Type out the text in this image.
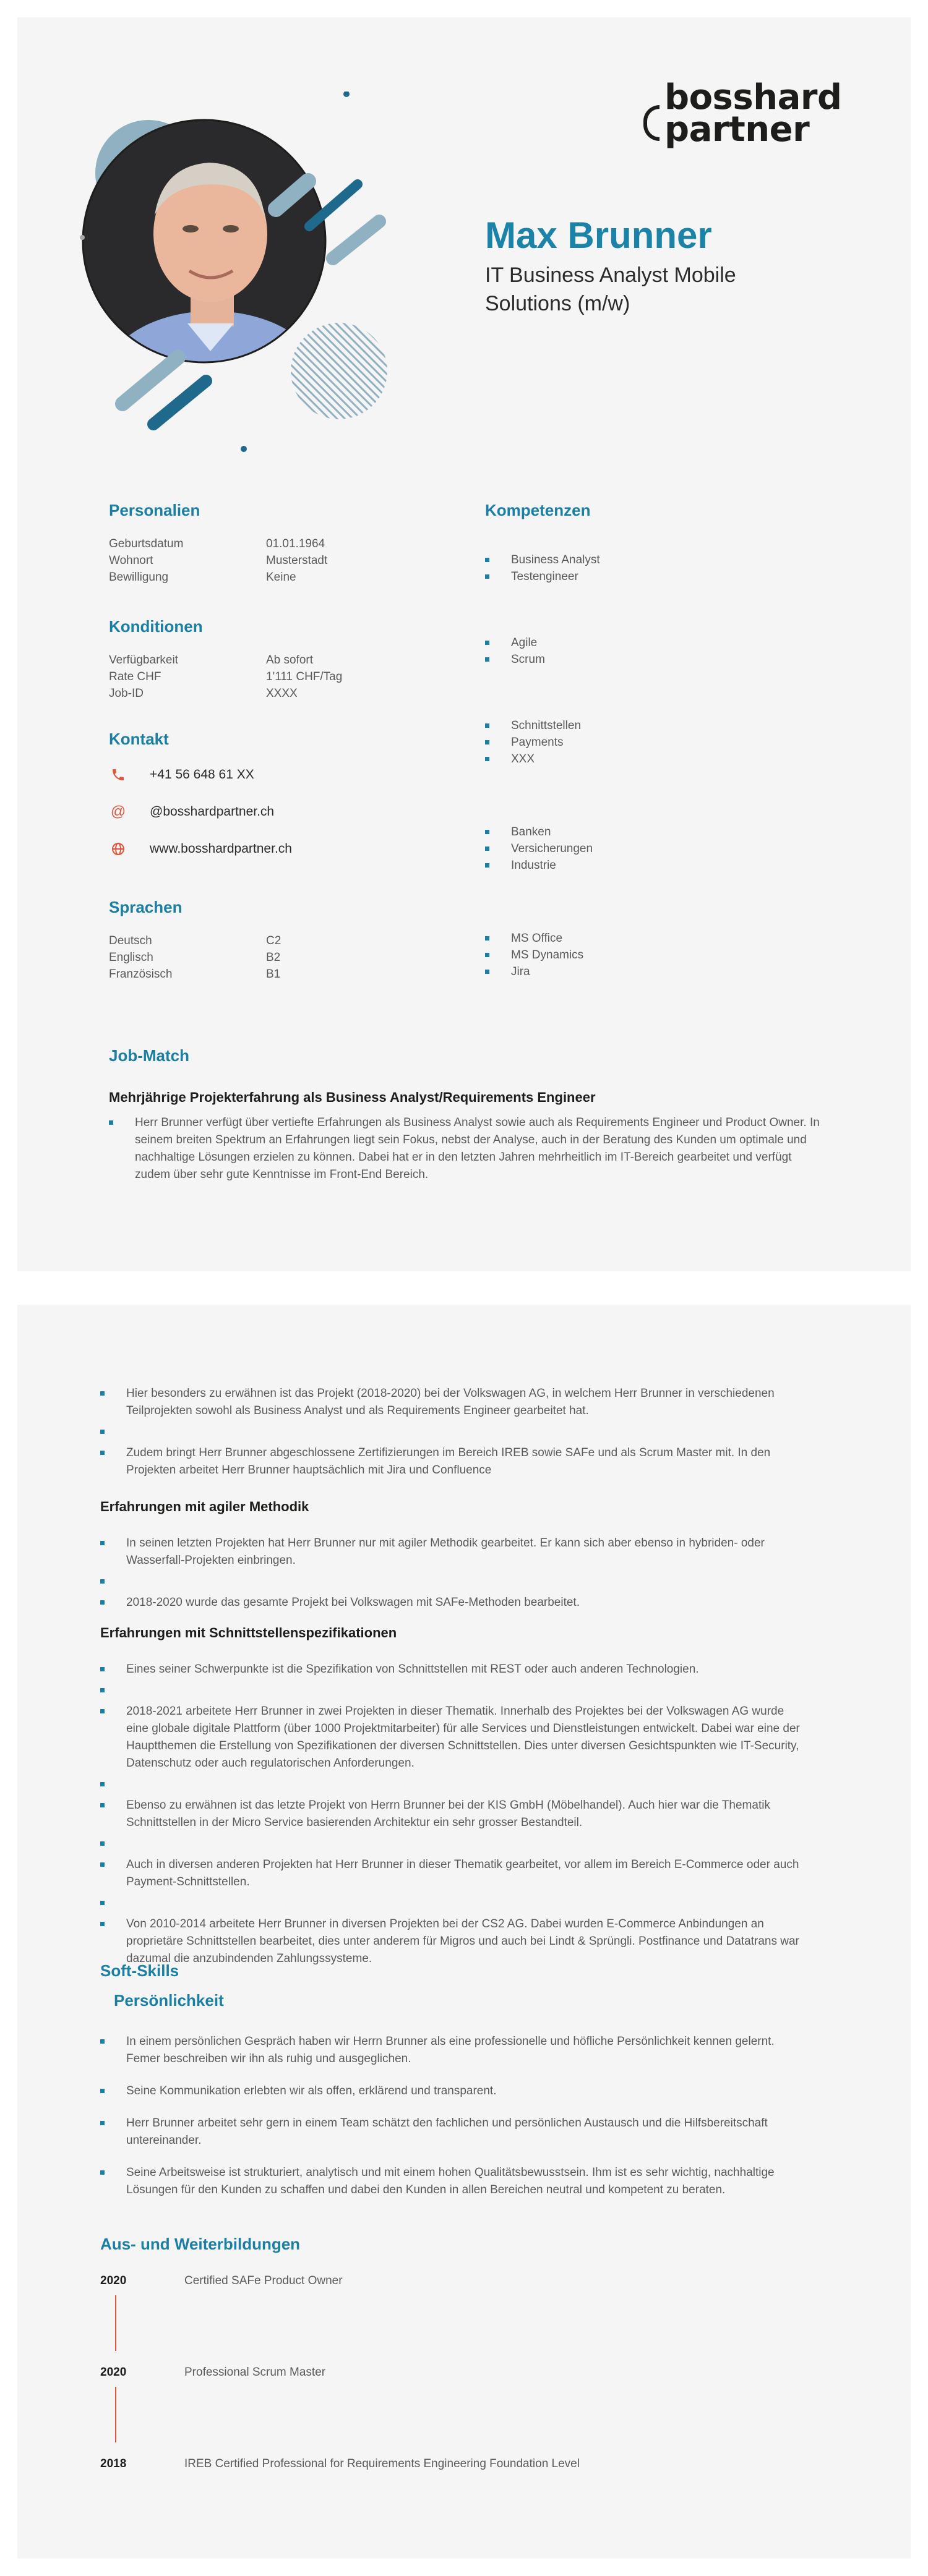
bosshard
partner
Max Brunner
IT Business Analyst Mobile Solutions (m/w)
Personalien
Geburtsdatum	01.01.1964
Wohnort	Musterstadt
Bewilligung	Keine
Konditionen
Verfügbarkeit	Ab sofort
Rate CHF	1'111 CHF/Tag
Job-ID	XXXX
Kontakt
+41 56 648 61 XX
@ @bosshardpartner.ch
www.bosshardpartner.ch
Sprachen
Deutsch	C2
Englisch	B2
Französisch	B1
Kompetenzen
Business Analyst
Testengineer
Agile
Scrum
Schnittstellen
Payments
XXX
Banken
Versicherungen
Industrie
MS Office
MS Dynamics
Jira
Job-Match
Mehrjährige Projekterfahrung als Business Analyst/Requirements Engineer
Herr Brunner verfügt über vertiefte Erfahrungen als Business Analyst sowie auch als Requirements Engineer und Product Owner. In seinem breiten Spektrum an Erfahrungen liegt sein Fokus, nebst der Analyse, auch in der Beratung des Kunden um optimale und nachhaltige Lösungen erzielen zu können. Dabei hat er in den letzten Jahren mehrheitlich im IT-Bereich gearbeitet und verfügt zudem über sehr gute Kenntnisse im Front-End Bereich.
Hier besonders zu erwähnen ist das Projekt (2018-2020) bei der Volkswagen AG, in welchem Herr Brunner in verschiedenen Teilprojekten sowohl als Business Analyst und als Requirements Engineer gearbeitet hat.
Zudem bringt Herr Brunner abgeschlossene Zertifizierungen im Bereich IREB sowie SAFe und als Scrum Master mit. In den Projekten arbeitet Herr Brunner hauptsächlich mit Jira und Confluence
Erfahrungen mit agiler Methodik
In seinen letzten Projekten hat Herr Brunner nur mit agiler Methodik gearbeitet. Er kann sich aber ebenso in hybriden- oder Wasserfall-Projekten einbringen.
2018-2020 wurde das gesamte Projekt bei Volkswagen mit SAFe-Methoden bearbeitet.
Erfahrungen mit Schnittstellenspezifikationen
Eines seiner Schwerpunkte ist die Spezifikation von Schnittstellen mit REST oder auch anderen Technologien.
2018-2021 arbeitete Herr Brunner in zwei Projekten in dieser Thematik. Innerhalb des Projektes bei der Volkswagen AG wurde eine globale digitale Plattform (über 1000 Projektmitarbeiter) für alle Services und Dienstleistungen entwickelt. Dabei war eine der Hauptthemen die Erstellung von Spezifikationen der diversen Schnittstellen. Dies unter diversen Gesichtspunkten wie IT-Security, Datenschutz oder auch regulatorischen Anforderungen.
Ebenso zu erwähnen ist das letzte Projekt von Herrn Brunner bei der KIS GmbH (Möbelhandel). Auch hier war die Thematik Schnittstellen in der Micro Service basierenden Architektur ein sehr grosser Bestandteil.
Auch in diversen anderen Projekten hat Herr Brunner in dieser Thematik gearbeitet, vor allem im Bereich E-Commerce oder auch Payment-Schnittstellen.
Von 2010-2014 arbeitete Herr Brunner in diversen Projekten bei der CS2 AG. Dabei wurden E-Commerce Anbindungen an proprietäre Schnittstellen bearbeitet, dies unter anderem für Migros und auch bei Lindt & Sprüngli. Postfinance und Datatrans war dazumal die anzubindenden Zahlungssysteme.
Soft-Skills
Persönlichkeit
In einem persönlichen Gespräch haben wir Herrn Brunner als eine professionelle und höfliche Persönlichkeit kennen gelernt. Femer beschreiben wir ihn als ruhig und ausgeglichen.
Seine Kommunikation erlebten wir als offen, erklärend und transparent.
Herr Brunner arbeitet sehr gern in einem Team schätzt den fachlichen und persönlichen Austausch und die Hilfsbereitschaft untereinander.
Seine Arbeitsweise ist strukturiert, analytisch und mit einem hohen Qualitätsbewusstsein. Ihm ist es sehr wichtig, nachhaltige Lösungen für den Kunden zu schaffen und dabei den Kunden in allen Bereichen neutral und kompetent zu beraten.
Aus- und Weiterbildungen
2020	Certified SAFe Product Owner
2020	Professional Scrum Master
2018	IREB Certified Professional for Requirements Engineering Foundation Level
